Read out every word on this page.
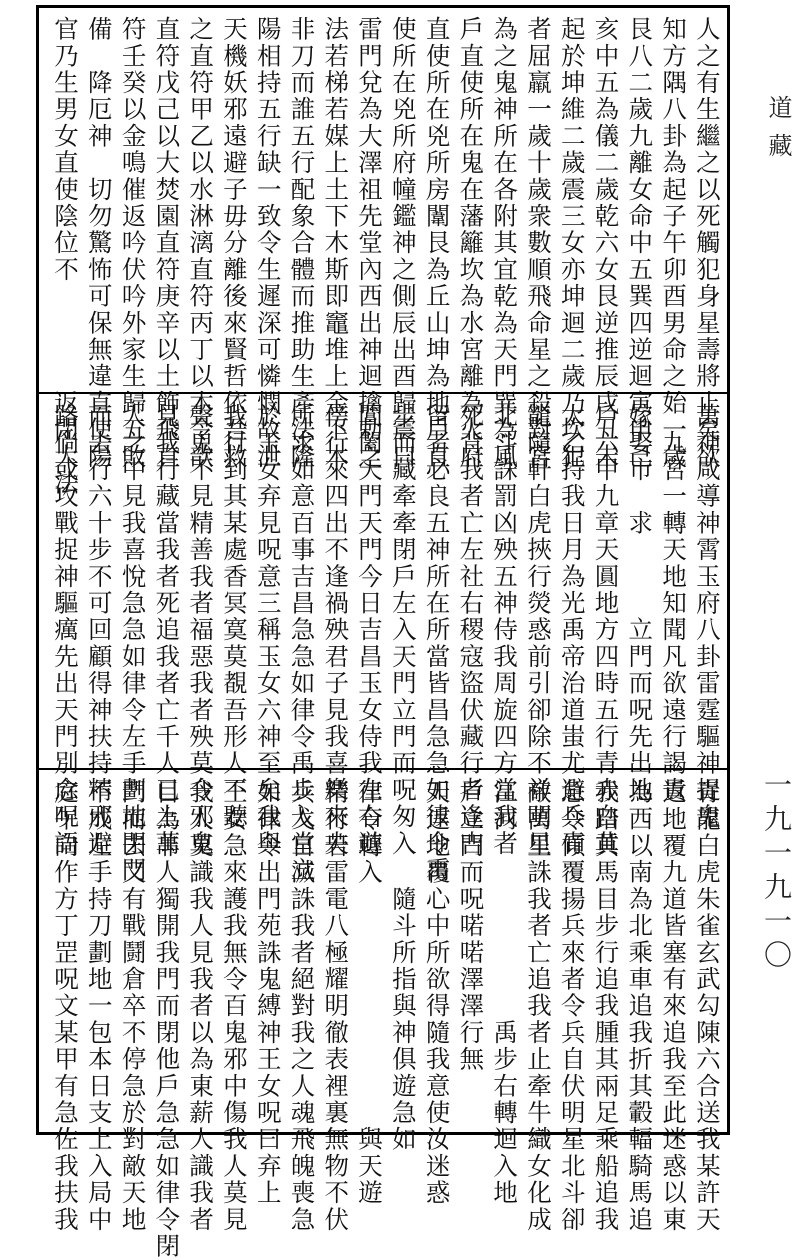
人之有生繼之以死觸犯身星壽將止矣欲
知方隅八卦為起子午卯酉男命之始一歲
艮八二歲九離女命中五巽四逆迴寅申己
亥中五為儀二歲乾六女艮逆推辰戌丑未
起於坤維二歲震三女亦坤迴二歲乃坎犯
者屈羸一歲十歲衆數順飛命星之殺對宮
為之鬼神所在各附其宜乾為天門巽為風
戶直使所在鬼在藩籬坎為水宮離為火府
直使所在兇所房闈艮為丘山坤為地戶直
使所在兇所府幢鑑神之側辰出酉歸震曰
雷門兌為大澤祖先堂內西出神迴擒勅之
法若梯若媒上土下木斯即竈堆上金下木
非刀而誰五行配象合體而推助生產法隆
陽相持五行缺一致令生遲深可憐憫故泄
天機妖邪遠避子毋分離後來賢哲依吾救
之直符甲乙以水淋漓直符丙丁以木令歆
直符戊己以大焚園直符庚辛以土飾飛直
符壬癸以金鳴催返吟伏吟外家生歸五敗
備　降厄神　切勿驚怖可保無違直使陽
官乃生男女直使陰位不　　　　返閉大法
萬神咸導神霄玉府八卦雷霆驅神捉鬼
　九宮一轉天地知聞凡欲遠行謁貴
嫁娶市　求　　　立門而呪先出地
戶六甲九章天圓地方四時五行青赤白黄
太乙持我日月為光禹帝治道蚩尤避兵青
龍隨軒白虎挾行熒惑前引卻除不祥明星
北斗誅罰凶殃五神侍我周旋四方當我者
死背我者亡左社右稷寇盜伏藏行者逢吉
留者必良五神所在所當皆昌急急如律令禹
步而藏牽牽閉戶左入天門立門而呪匆入
閶闔天門天門今日吉昌玉女侍我左右遊
傍行來四出不逢禍殃君子見我喜樂來央
所求如意百事吉昌急急如律令禹步入堂立
於玉女弃見呪意三稱玉女六神至矣我與
我行到其某處香冥寞莫覩吾形人不聽
聲鬼不見精善我者福惡我者殃莫令邪鬼
見我行藏當我者死追我者亡千人已上萬
人之中見我喜悅急急如律令左手劃地閉門
而去行六十步不可回顧得神扶持精邪避
路倘或攻戰捉神驅癘先出天門別念呪語
青龍白虎朱雀玄武勾陳六合送我某許天
返地覆九道皆塞有來追我至此迷惑以東
為西以南為北乘車追我折其轂輻騎馬追
我踏其馬目步行追我腫其兩足乘船追我
急令傾覆揚兵來者令兵自伏明星北斗卻
敵萬里誅我者亡追我者止牽牛織女化成
江河　　　　　　　禹步右轉迴入地
戶立門而呪喏喏澤澤行無
天返地覆心中所欲得隨我意使汝迷惑
　　　　隨斗所指與神俱遊急如
律令轉入　　　　　　　　　與天遊
精行若雷電八極耀明徹表裡裏無物不伏
兵戈自滅誅我者絕對我之人魂飛魄喪急
如律令出門苑誅鬼縛神王女呪曰弃上
王女急來護我無令百鬼邪中傷我人莫見
我人莫識我人見我者以為東薪人識我者
目為非人獨開我門而閉他戶急急如律令閉
門而去又有戰鬪倉卒不停急於對敵天地
不成左手持刀劃地一包本日支上入局中
庭午向作方丁罡呪文某甲有急佐我扶我
道藏
一九一九一〇
